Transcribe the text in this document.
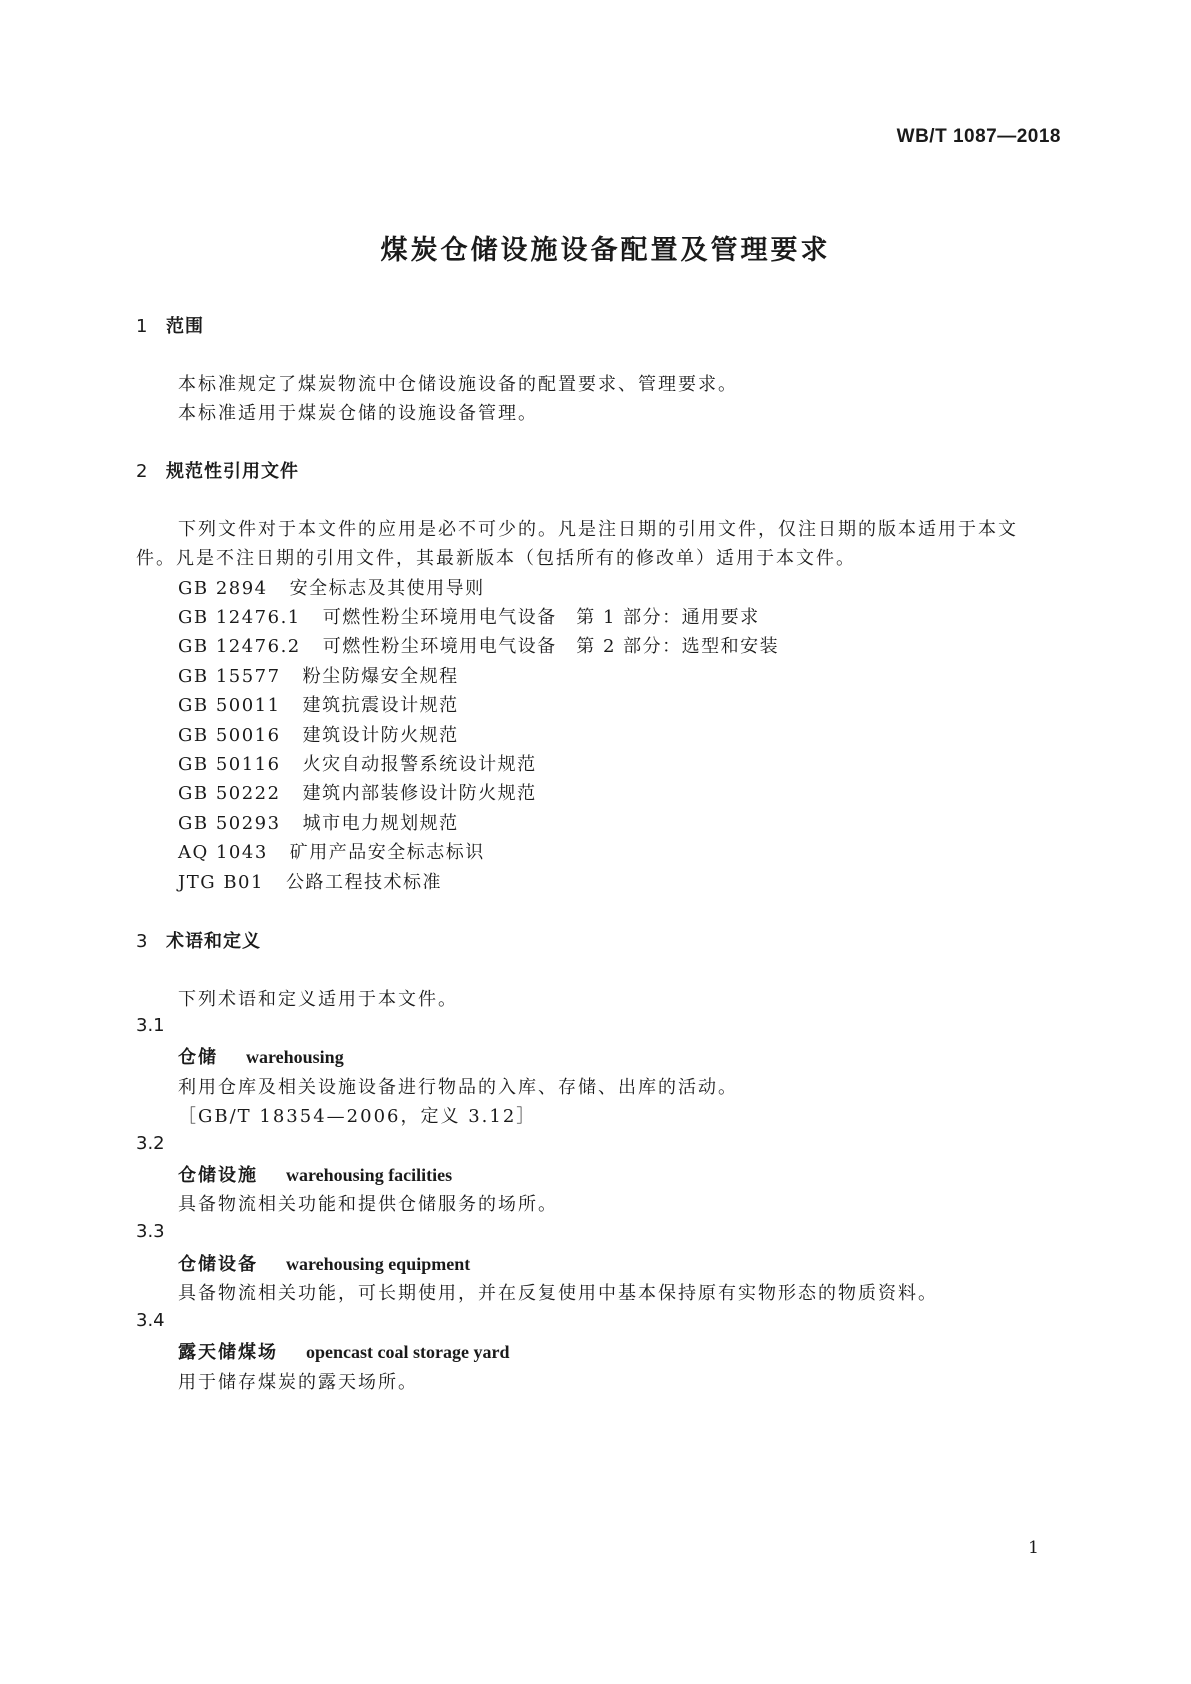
WB/T 1087—2018
煤炭仓储设施设备配置及管理要求
1 范围
本标准规定了煤炭物流中仓储设施设备的配置要求、管理要求。
本标准适用于煤炭仓储的设施设备管理。
2 规范性引用文件
下列文件对于本文件的应用是必不可少的。凡是注日期的引用文件，仅注日期的版本适用于本文
件。凡是不注日期的引用文件，其最新版本（包括所有的修改单）适用于本文件。
GB 2894 安全标志及其使用导则
GB 12476.1 可燃性粉尘环境用电气设备　第 1 部分：通用要求
GB 12476.2 可燃性粉尘环境用电气设备　第 2 部分：选型和安装
GB 15577 粉尘防爆安全规程
GB 50011 建筑抗震设计规范
GB 50016 建筑设计防火规范
GB 50116 火灾自动报警系统设计规范
GB 50222 建筑内部装修设计防火规范
GB 50293 城市电力规划规范
AQ 1043 矿用产品安全标志标识
JTG B01 公路工程技术标准
3 术语和定义
下列术语和定义适用于本文件。
3.1
仓储 warehousing
利用仓库及相关设施设备进行物品的入库、存储、出库的活动。
［GB/T 18354—2006，定义 3.12］
3.2
仓储设施 warehousing facilities
具备物流相关功能和提供仓储服务的场所。
3.3
仓储设备 warehousing equipment
具备物流相关功能，可长期使用，并在反复使用中基本保持原有实物形态的物质资料。
3.4
露天储煤场 opencast coal storage yard
用于储存煤炭的露天场所。
1
